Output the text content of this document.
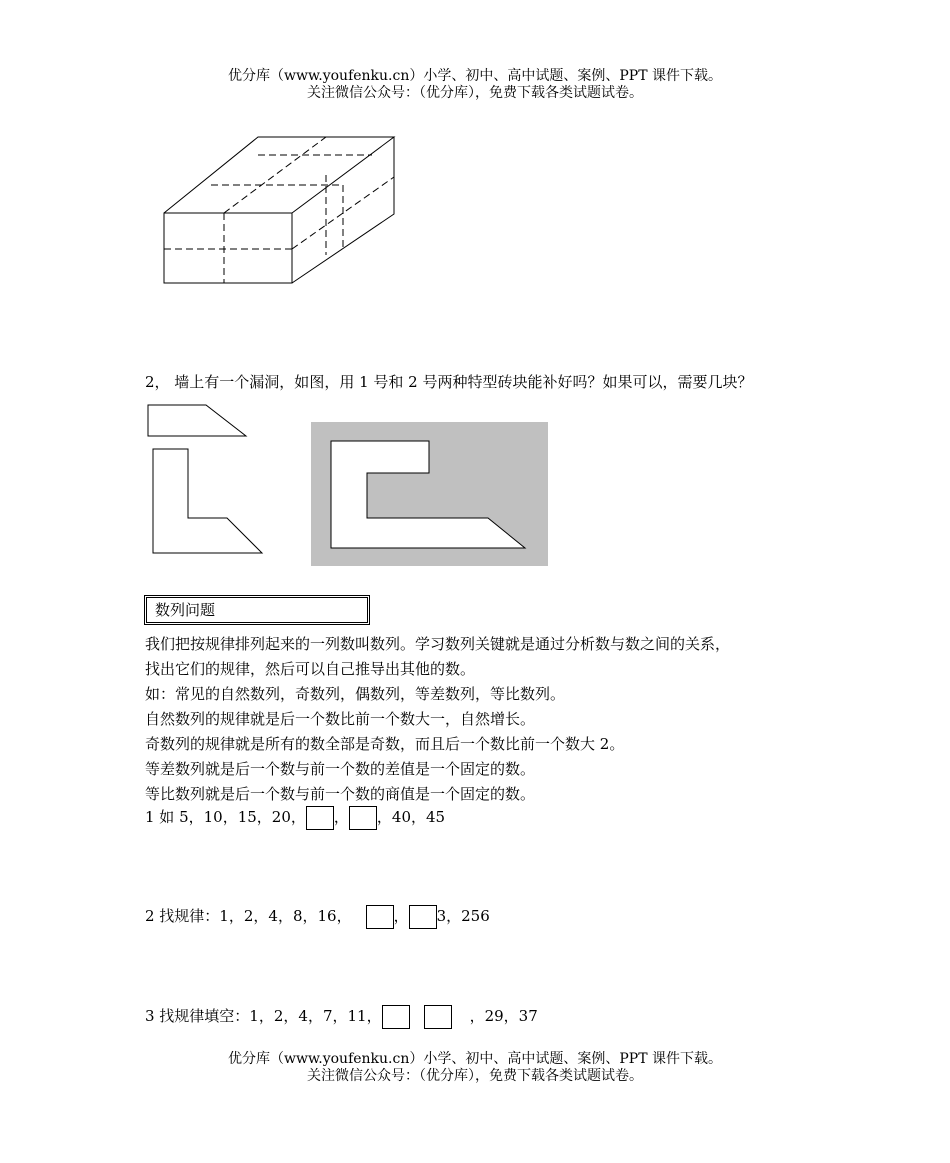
优分库（www.youfenku.cn）小学、初中、高中试题、案例、PPT 课件下载。
关注微信公众号：（优分库），免费下载各类试题试卷。
2， 墙上有一个漏洞，如图，用 1 号和 2 号两种特型砖块能补好吗？如果可以，需要几块？
数列问题
我们把按规律排列起来的一列数叫数列。学习数列关键就是通过分析数与数之间的关系，
找出它们的规律，然后可以自己推导出其他的数。
如：常见的自然数列，奇数列，偶数列，等差数列，等比数列。
自然数列的规律就是后一个数比前一个数大一，自然增长。
奇数列的规律就是所有的数全部是奇数，而且后一个数比前一个数大 2。
等差数列就是后一个数与前一个数的差值是一个固定的数。
等比数列就是后一个数与前一个数的商值是一个固定的数。
1 如 5，10，15，20， ， ，40，45
2 找规律：1，2，4，8，16，	， 3，256
3 找规律填空：1，2，4，7，11，	，29，37
优分库（www.youfenku.cn）小学、初中、高中试题、案例、PPT 课件下载。
关注微信公众号：（优分库），免费下载各类试题试卷。
